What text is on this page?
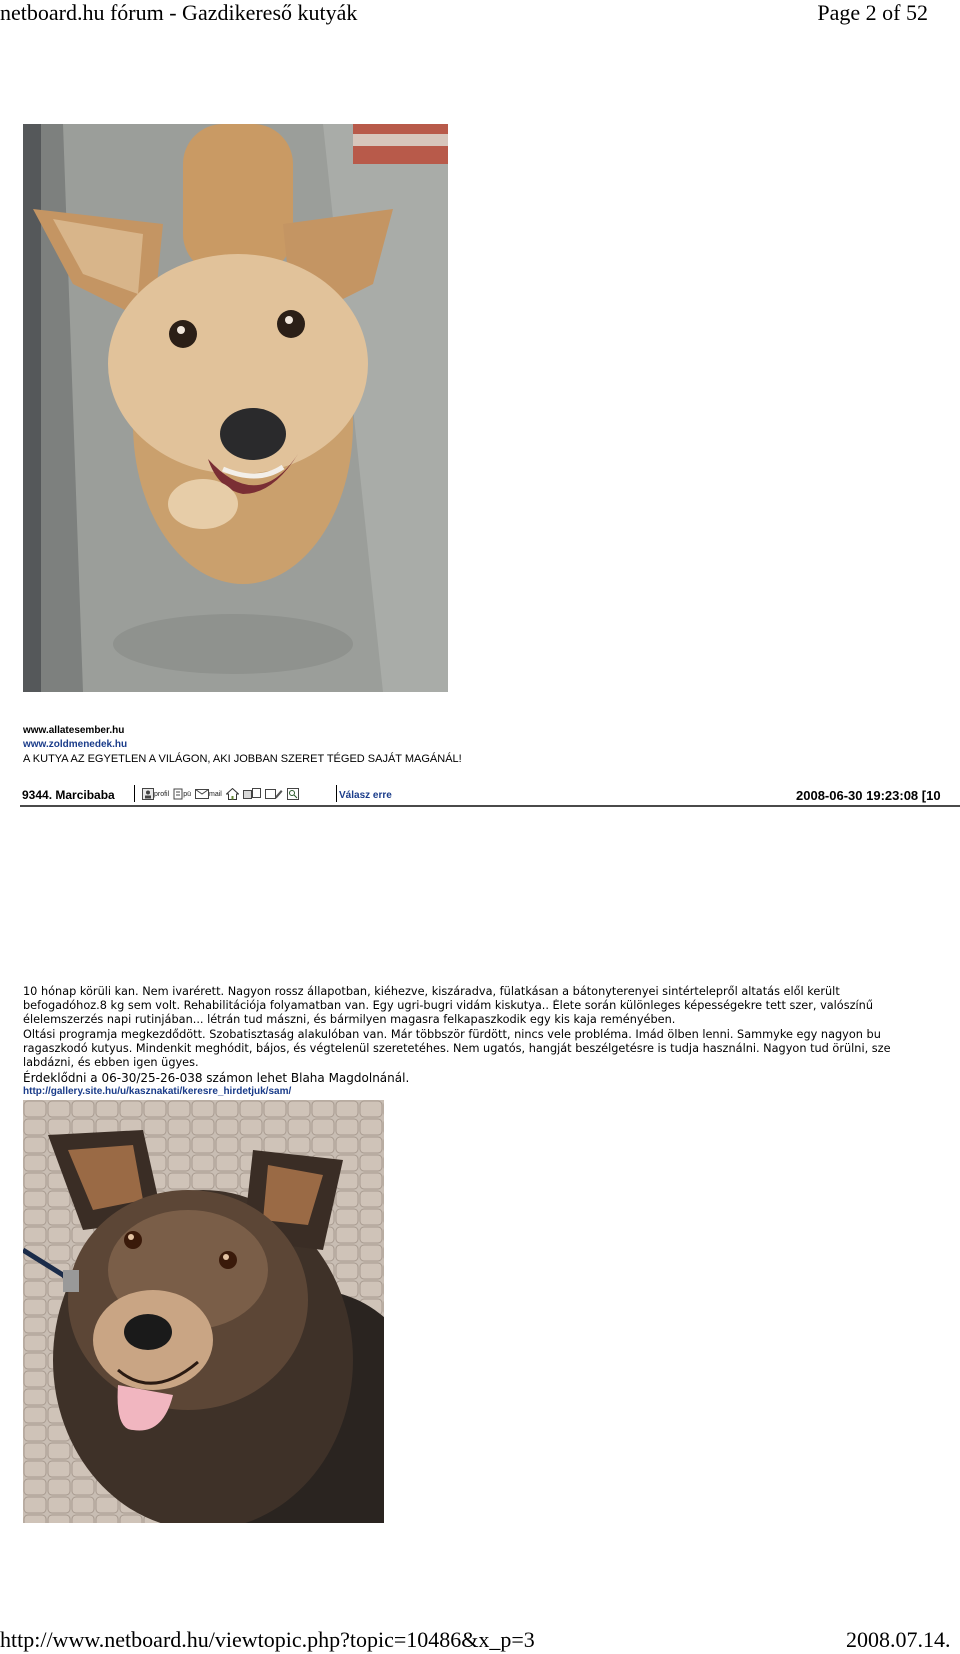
netboard.hu fórum - Gazdikereső kutyák	Page 2 of 52
www.allatesember.hu
www.zoldmenedek.hu
A KUTYA AZ EGYETLEN A VILÁGON, AKI JOBBAN SZERET TÉGED SAJÁT MAGÁNÁL!
9344. Marcibaba	profil pü	mail	Válasz erre	2008-06-30 19:23:08 [10
10 hónap körüli kan. Nem ivarérett. Nagyon rossz állapotban, kiéhezve, kiszáradva, fülatkásan a bátonyterenyei sintértelepről altatás elől került
befogadóhoz.8 kg sem volt. Rehabilitációja folyamatban van. Egy ugri-bugri vidám kiskutya.. Élete során különleges képességekre tett szer, valószínű
élelemszerzés napi rutinjában... létrán tud mászni, és bármilyen magasra felkapaszkodik egy kis kaja reményében.
Oltási programja megkezdődött. Szobatisztaság alakulóban van. Már többször fürdött, nincs vele probléma. Imád ölben lenni. Sammyke egy nagyon bu
ragaszkodó kutyus. Mindenkit meghódit, bájos, és végtelenül szeretetéhes. Nem ugatós, hangját beszélgetésre is tudja használni. Nagyon tud örülni, sze
labdázni, és ebben igen ügyes.
Érdeklődni a 06-30/25-26-038 számon lehet Blaha Magdolnánál.
http://gallery.site.hu/u/kasznakati/keresre_hirdetjuk/sam/
http://www.netboard.hu/viewtopic.php?topic=10486&x_p=3	2008.07.14.
